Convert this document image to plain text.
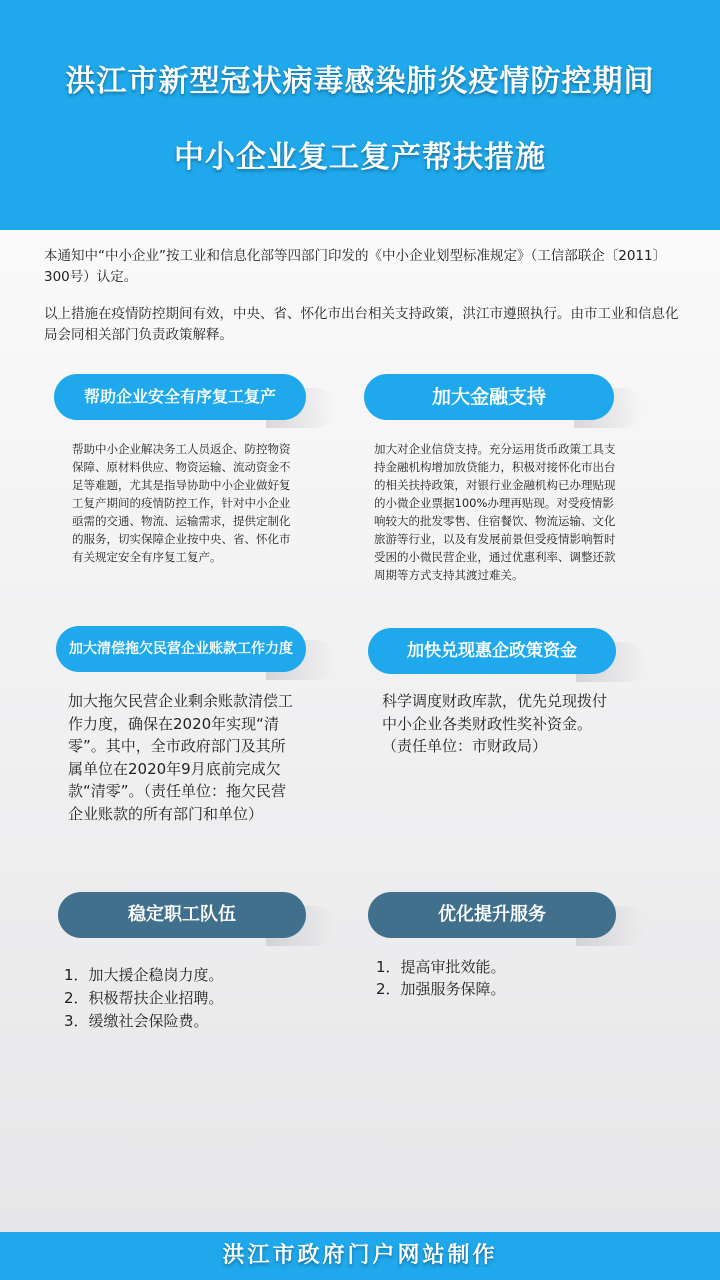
洪江市新型冠状病毒感染肺炎疫情防控期间
中小企业复工复产帮扶措施
本通知中“中小企业”按工业和信息化部等四部门印发的《中小企业划型标准规定》（工信部联企〔2011〕300号）认定。
以上措施在疫情防控期间有效，中央、省、怀化市出台相关支持政策，洪江市遵照执行。由市工业和信息化局会同相关部门负责政策解释。
帮助企业安全有序复工复产
帮助中小企业解决务工人员返企、防控物资保障、原材料供应、物资运输、流动资金不足等难题，尤其是指导协助中小企业做好复工复产期间的疫情防控工作，针对中小企业亟需的交通、物流、运输需求，提供定制化的服务，切实保障企业按中央、省、怀化市有关规定安全有序复工复产。
加大金融支持
加大对企业信贷支持。充分运用货币政策工具支持金融机构增加放贷能力，积极对接怀化市出台的相关扶持政策，对银行业金融机构已办理贴现的小微企业票据100%办理再贴现。对受疫情影响较大的批发零售、住宿餐饮、物流运输、文化旅游等行业，以及有发展前景但受疫情影响暂时受困的小微民营企业，通过优惠利率、调整还款周期等方式支持其渡过难关。
加大清偿拖欠民营企业账款工作力度
加大拖欠民营企业剩余账款清偿工作力度，确保在2020年实现“清零”。其中，全市政府部门及其所属单位在2020年9月底前完成欠款“清零”。（责任单位：拖欠民营企业账款的所有部门和单位）
加快兑现惠企政策资金
科学调度财政库款，优先兑现拨付中小企业各类财政性奖补资金。（责任单位：市财政局）
稳定职工队伍
1．加大援企稳岗力度。
2．积极帮扶企业招聘。
3．缓缴社会保险费。
优化提升服务
1．提高审批效能。
2．加强服务保障。
洪江市政府门户网站制作
